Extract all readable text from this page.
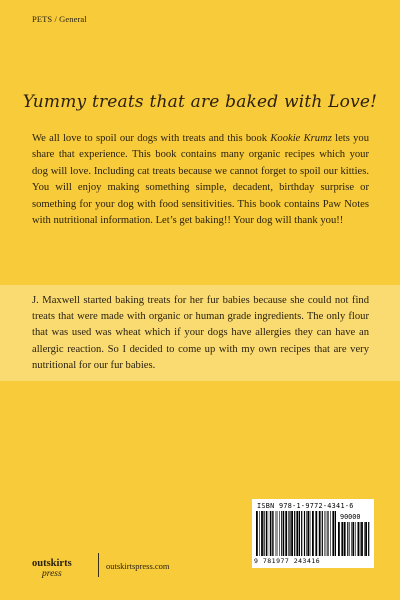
PETS / General
Yummy treats that are baked with Love!
We all love to spoil our dogs with treats and this book Kookie Krumz lets you share that experience. This book contains many organic recipes which your dog will love. Including cat treats because we cannot forget to spoil our kitties. You will enjoy making something simple, decadent, birthday surprise or something for your dog with food sensitivities. This book contains Paw Notes with nutritional information. Let’s get baking!! Your dog will thank you!!
J. Maxwell started baking treats for her fur babies because she could not find treats that were made with organic or human grade ingredients. The only flour that was used was wheat which if your dogs have allergies they can have an allergic reaction. So I decided to come up with my own recipes that are very nutritional for our fur babies.
ISBN 978-1-9772-4341-6
90000
9 781977 243416
outskirts
press
outskirtspress.com
